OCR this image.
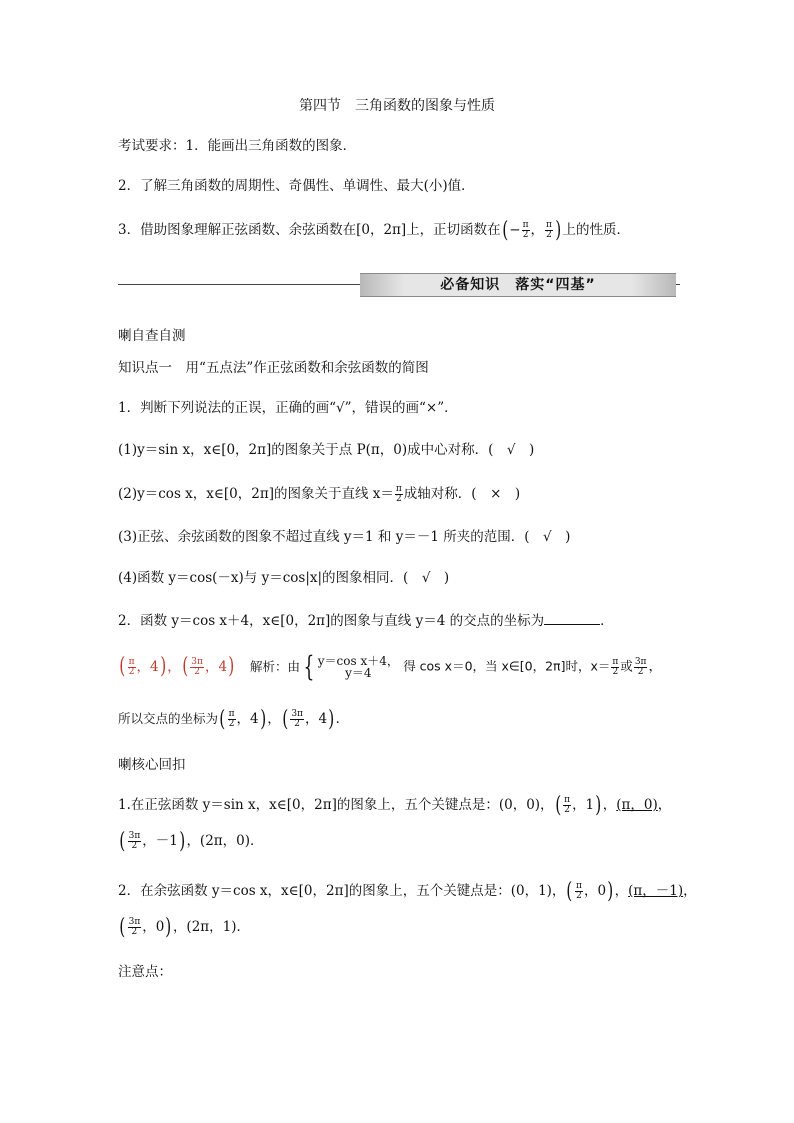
第四节　三角函数的图象与性质
考试要求：1．能画出三角函数的图象．
2．了解三角函数的周期性、奇偶性、单调性、最大(小)值．
3．借助图象理解正弦函数、余弦函数在[0，2π]上，正切函数在(− $\frac{\pi}{2}$ ， $\frac{\pi}{2}$ )上的性质．
必备知识　落实“四基”
喇自查自测
知识点一　用“五点法”作正弦函数和余弦函数的简图
1．判断下列说法的正误，正确的画“√”，错误的画“×”．
(1)y＝sin x，x∈[0，2π]的图象关于点 P(π，0)成中心对称．(　√　)
(2)y＝cos x，x∈[0，2π]的图象关于直线 $x= \frac{\pi}{2}$ 成轴对称．(　×　)
(3)正弦、余弦函数的图象不超过直线 y＝1 和 y＝－1 所夹的范围．(　√　)
(4)函数 y＝cos(－x)与 y＝cos|x|的图象相同．(　√　)
2．函数 y＝cos x＋4，x∈[0，2π]的图象与直线 y＝4 的交点的坐标为	．
( $\frac{\pi}{2}$ ，4)，( $\frac{3\pi}{2}$ ，4) 解析：由 { y＝cos x＋4，
y＝4	得 cos x＝0，当 x∈[0，2π]时，$x= \frac{\pi}{2}$ 或 $\frac{3\pi}{2}$ ，
所以交点的坐标为( $\frac{\pi}{2}$ ，4)，( $\frac{3\pi}{2}$ ，4)．
喇核心回扣
1.在正弦函数 y＝sin x，x∈[0，2π]的图象上，五个关键点是：(0，0)，( $\frac{\pi}{2}$ ，1)，(π，0)，
( $\frac{3\pi}{2}$ ，－1)，(2π，0)．
2．在余弦函数 y＝cos x，x∈[0，2π]的图象上，五个关键点是：(0，1)，( $\frac{\pi}{2}$ ，0)，(π，－1)，
( $\frac{3\pi}{2}$ ，0)，(2π，1)．
注意点：
